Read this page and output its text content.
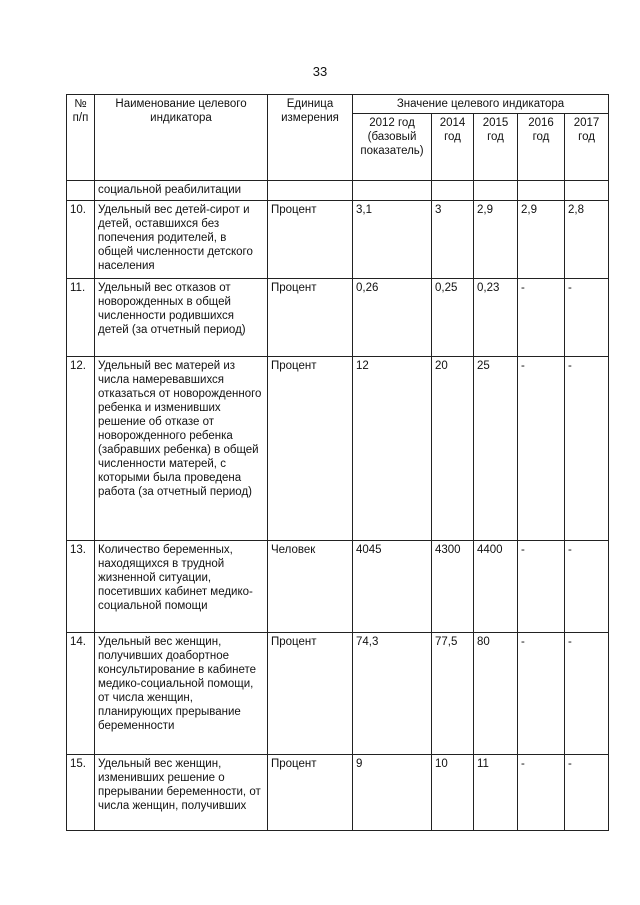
33
№ п/п	Наименование целевого индикатора	Единица измерения	Значение целевого индикатора				
			2012 год (базовый показатель)	2014 год	2015 год	2016 год	2017 год
	социальной реабилитации						
10.	Удельный вес детей-сирот и детей, оставшихся без попечения родителей, в общей численности детского населения	Процент	3,1	3	2,9	2,9	2,8
11.	Удельный вес отказов от новорожденных в общей численности родившихся детей (за отчетный период)	Процент	0,26	0,25	0,23	-	-
12.	Удельный вес матерей из числа намеревавшихся отказаться от новорожденного ребенка и изменивших решение об отказе от новорожденного ребенка (забравших ребенка) в общей численности матерей, с которыми была проведена работа (за отчетный период)	Процент	12	20	25	-	-
13.	Количество беременных, находящихся в трудной жизненной ситуации, посетивших кабинет медико-социальной помощи	Человек	4045	4300	4400	-	-
14.	Удельный вес женщин, получивших доабортное консультирование в кабинете медико-социальной помощи, от числа женщин, планирующих прерывание беременности	Процент	74,3	77,5	80	-	-
15.	Удельный вес женщин, изменивших решение о прерывании беременности, от числа женщин, получивших	Процент	9	10	11	-	-
